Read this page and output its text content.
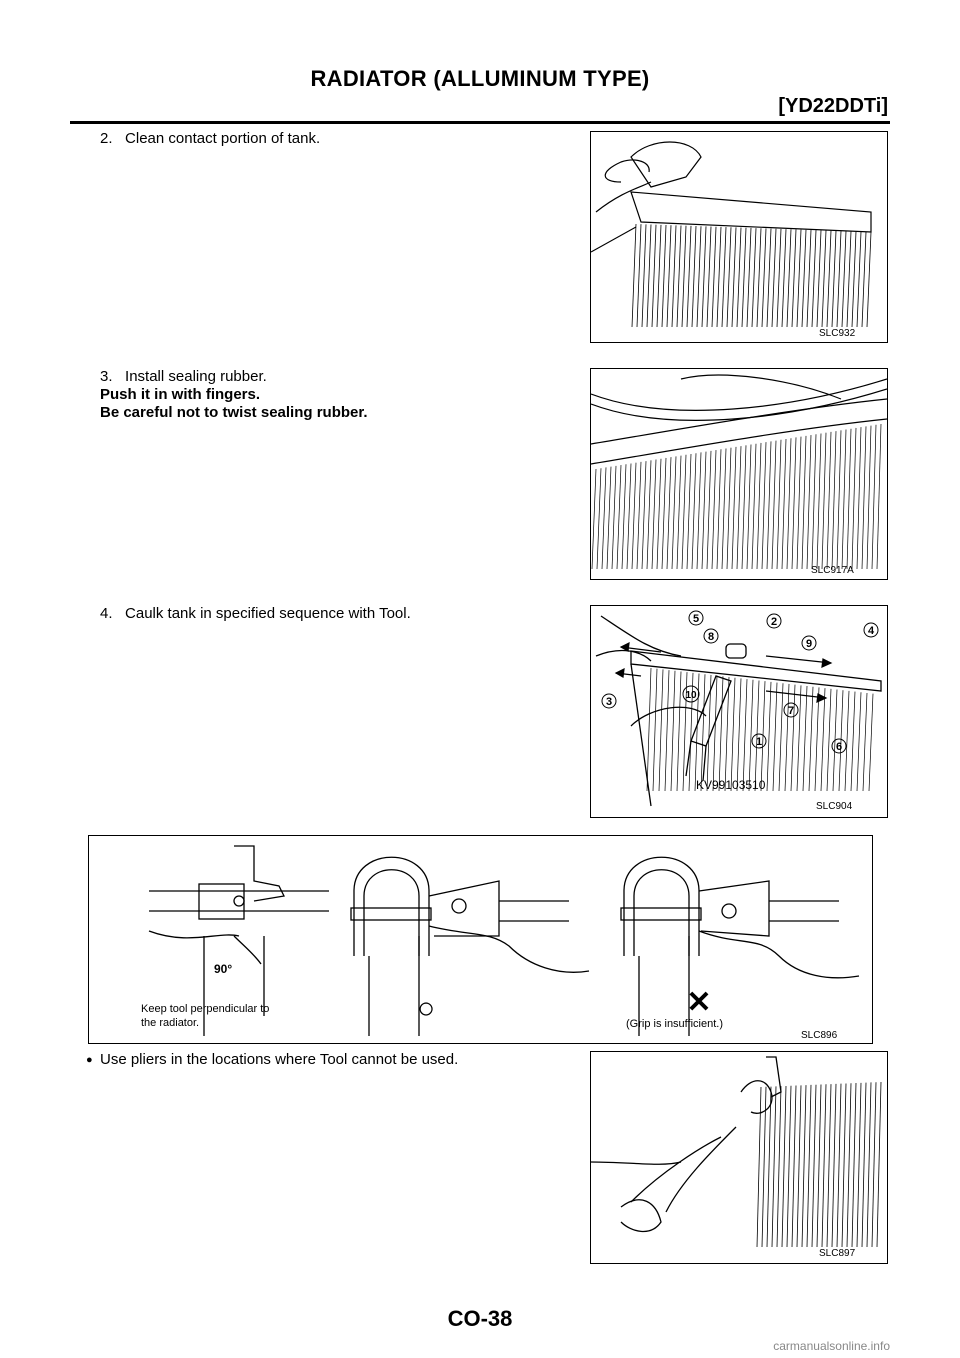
RADIATOR (ALLUMINUM TYPE)
[YD22DDTi]
2. Clean contact portion of tank.
SLC932
3. Install sealing rubber.
Push it in with fingers.
Be careful not to twist sealing rubber.
SLC917A
4. Caulk tank in specified sequence with Tool.
1
2
3
4
5
6
7
8
9
10
KV99103510
SLC904
90°
Keep tool perpendicular to
the radiator.	○	✕
(Grip is insufficient.)
SLC896
● Use pliers in the locations where Tool cannot be used.
SLC897
CO-38
carmanualsonline.info
